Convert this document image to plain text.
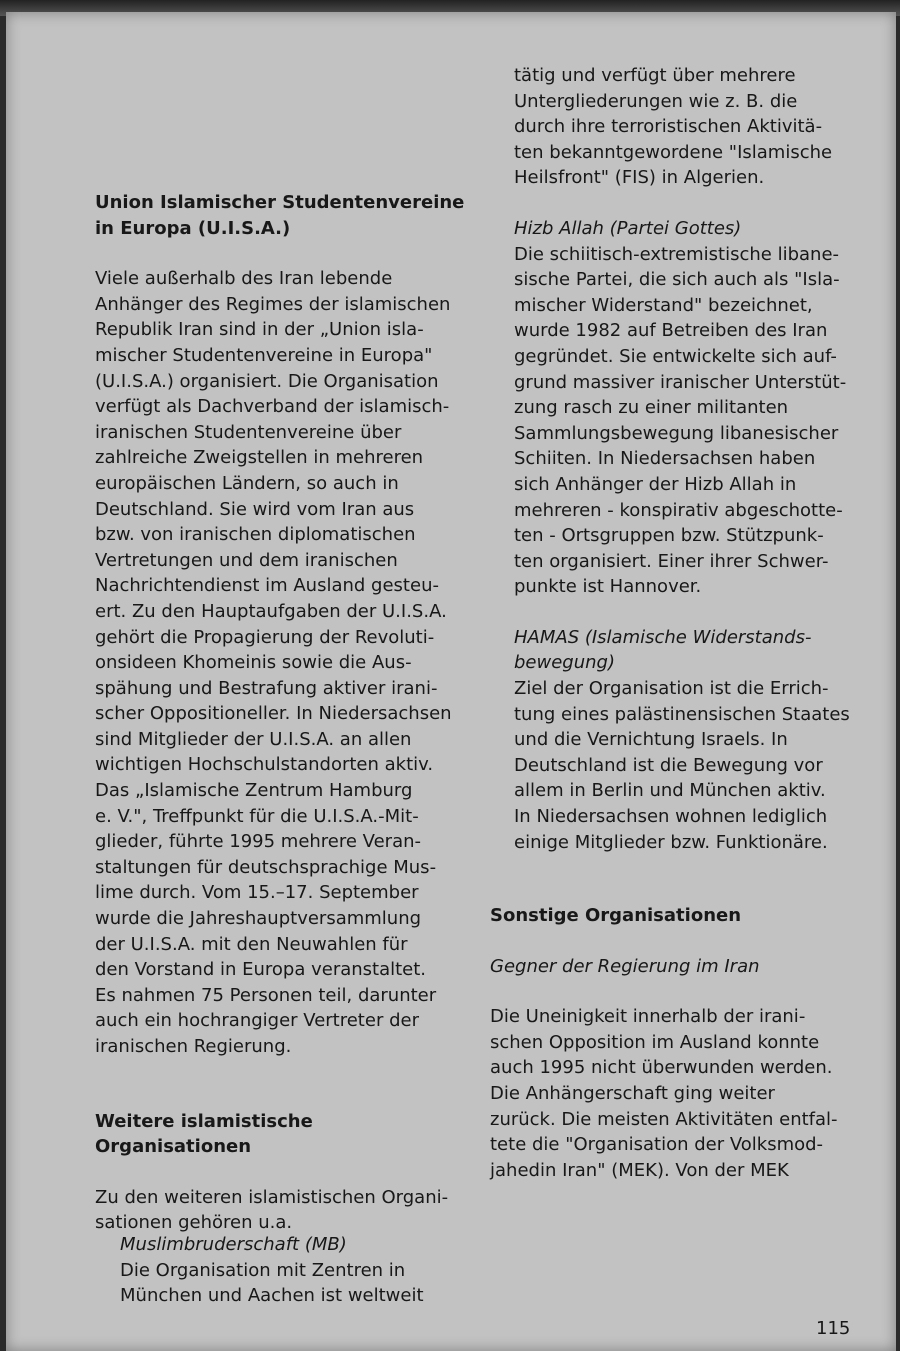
Union Islamischer Studentenvereine
in Europa (U.I.S.A.)

Viele außerhalb des Iran lebende
Anhänger des Regimes der islamischen
Republik Iran sind in der „Union isla-
mischer Studentenvereine in Europa"
(U.I.S.A.) organisiert. Die Organisation
verfügt als Dachverband der islamisch-
iranischen Studentenvereine über
zahlreiche Zweigstellen in mehreren
europäischen Ländern, so auch in
Deutschland. Sie wird vom Iran aus
bzw. von iranischen diplomatischen
Vertretungen und dem iranischen
Nachrichtendienst im Ausland gesteu-
ert. Zu den Hauptaufgaben der U.I.S.A.
gehört die Propagierung der Revoluti-
onsideen Khomeinis sowie die Aus-
spähung und Bestrafung aktiver irani-
scher Oppositioneller. In Niedersachsen
sind Mitglieder der U.I.S.A. an allen
wichtigen Hochschulstandorten aktiv.
Das „Islamische Zentrum Hamburg
e. V.", Treffpunkt für die U.I.S.A.-Mit-
glieder, führte 1995 mehrere Veran-
staltungen für deutschsprachige Mus-
lime durch. Vom 15.–17. September
wurde die Jahreshauptversammlung
der U.I.S.A. mit den Neuwahlen für
den Vorstand in Europa veranstaltet.
Es nahmen 75 Personen teil, darunter
auch ein hochrangiger Vertreter der
iranischen Regierung.

Weitere islamistische Organisationen

Zu den weiteren islamistischen Organi-
sationen gehören u.a.

Muslimbruderschaft (MB)

Die Organisation mit Zentren in
München und Aachen ist weltweit

tätig und verfügt über mehrere
Untergliederungen wie z. B. die
durch ihre terroristischen Aktivitä-
ten bekanntgewordene "Islamische
Heilsfront" (FIS) in Algerien.

Hizb Allah (Partei Gottes)

Die schiitisch-extremistische libane-
sische Partei, die sich auch als "Isla-
mischer Widerstand" bezeichnet,
wurde 1982 auf Betreiben des Iran
gegründet. Sie entwickelte sich auf-
grund massiver iranischer Unterstüt-
zung rasch zu einer militanten
Sammlungsbewegung libanesischer
Schiiten. In Niedersachsen haben
sich Anhänger der Hizb Allah in
mehreren - konspirativ abgeschotte-
ten - Ortsgruppen bzw. Stützpunk-
ten organisiert. Einer ihrer Schwer-
punkte ist Hannover.

HAMAS (Islamische Widerstands-
bewegung)

Ziel der Organisation ist die Errich-
tung eines palästinensischen Staates
und die Vernichtung Israels. In
Deutschland ist die Bewegung vor
allem in Berlin und München aktiv.
In Niedersachsen wohnen lediglich
einige Mitglieder bzw. Funktionäre.

Sonstige Organisationen
Gegner der Regierung im Iran

Die Uneinigkeit innerhalb der irani-
schen Opposition im Ausland konnte
auch 1995 nicht überwunden werden.
Die Anhängerschaft ging weiter
zurück. Die meisten Aktivitäten entfal-
tete die "Organisation der Volksmod-
jahedin Iran" (MEK). Von der MEK

115
